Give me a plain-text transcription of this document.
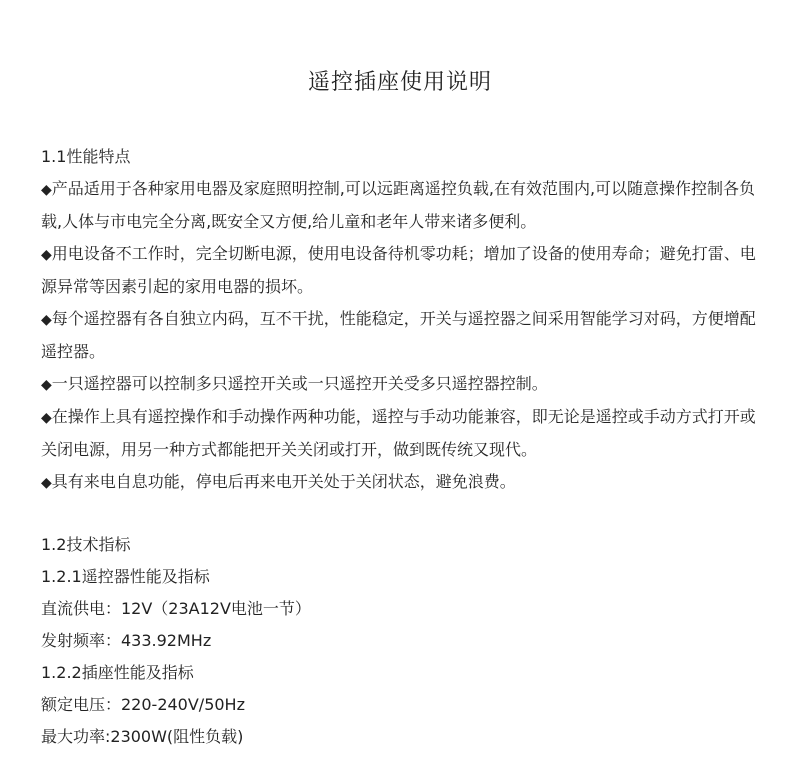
遥控插座使用说明
1.1性能特点
◆产品适用于各种家用电器及家庭照明控制,可以远距离遥控负载,在有效范围内,可以随意操作控制各负载,人体与市电完全分离,既安全又方便,给儿童和老年人带来诸多便利。
◆用电设备不工作时，完全切断电源，使用电设备待机零功耗；增加了设备的使用寿命；避免打雷、电源异常等因素引起的家用电器的损坏。
◆每个遥控器有各自独立内码，互不干扰，性能稳定，开关与遥控器之间采用智能学习对码，方便增配遥控器。
◆一只遥控器可以控制多只遥控开关或一只遥控开关受多只遥控器控制。
◆在操作上具有遥控操作和手动操作两种功能，遥控与手动功能兼容，即无论是遥控或手动方式打开或关闭电源，用另一种方式都能把开关关闭或打开，做到既传统又现代。
◆具有来电自息功能，停电后再来电开关处于关闭状态，避免浪费。
1.2技术指标
1.2.1遥控器性能及指标
直流供电：12V（23A12V电池一节）
发射频率：433.92MHz
1.2.2插座性能及指标
额定电压：220-240V/50Hz
最大功率:2300W(阻性负载)
